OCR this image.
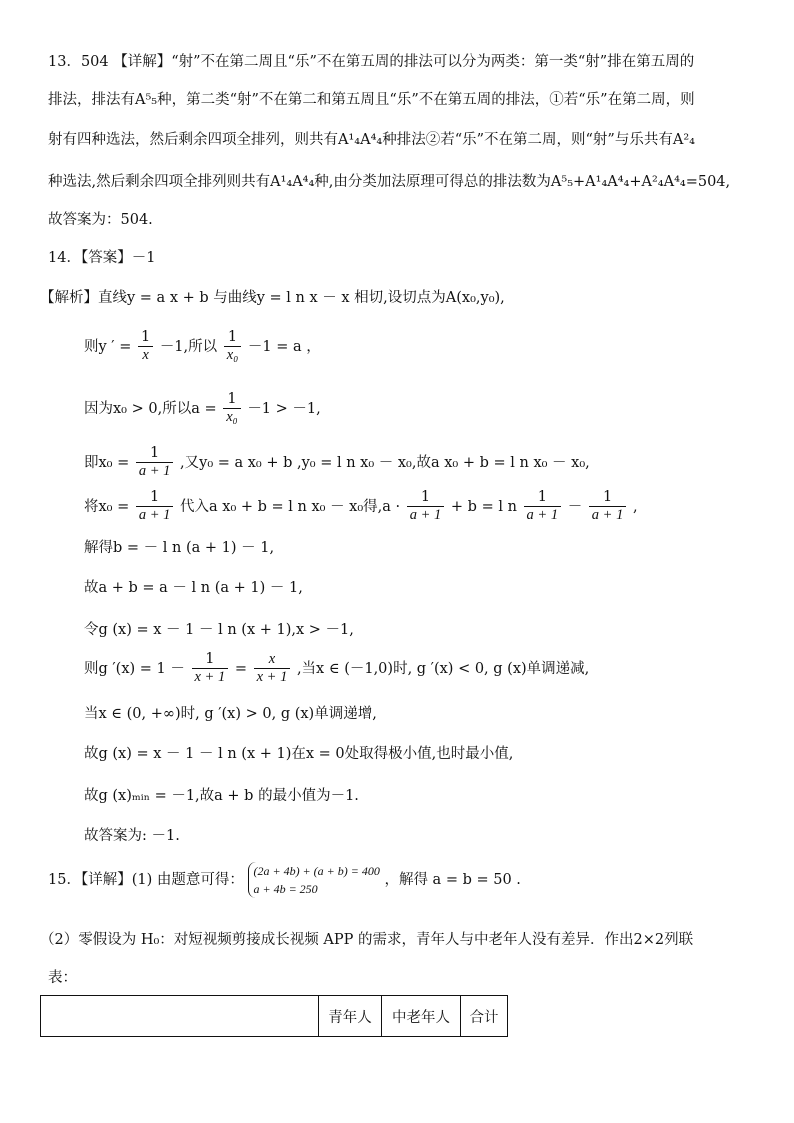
13．504 【详解】“射”不在第二周且“乐”不在第五周的排法可以分为两类：第一类“射”排在第五周的
排法，排法有A⁵₅种，第二类“射”不在第二和第五周且“乐”不在第五周的排法，①若“乐”在第二周，则
射有四种选法，然后剩余四项全排列，则共有A¹₄A⁴₄种排法②若“乐”不在第二周，则“射”与乐共有A²₄
种选法,然后剩余四项全排列则共有A¹₄A⁴₄种,由分类加法原理可得总的排法数为A⁵₅+A¹₄A⁴₄+A²₄A⁴₄=504,
故答案为：504.
14．【答案】－1
【解析】直线y = a x + b 与曲线y = l n x － x 相切,设切点为A(x₀,y₀),
则y ′ = $\frac{1}{x} -1$,所以 $\frac{1}{\text{x₀}} -1 = a$ ，
因为x₀ > 0,所以$a = \frac{1}{\text{x₀}} -1 > -1$,
即$x_0 = \frac{1}{a + 1}$ ,又y₀ = a x₀ + b ,y₀ = l n x₀ － x₀,故a x₀ + b = l n x₀ － x₀,
将$x_0 = \frac{1}{a + 1}$ 代入a x₀ + b = l n x₀ － x₀得$,a \cdot \frac{1}{a + 1} + b = l$ n $\frac{1}{a + 1} - \frac{1}{a + 1}$ ,
解得b = － l n (a + 1) － 1,
故a + b = a － l n (a + 1) － 1,
令g (x) = x － 1 － l n (x + 1),x > －1,
则g $'(x) = 1 - \frac{1}{x + 1} = \frac{x}{x + 1}$ ,当x ∈ (－1,0)时, g ′(x) < 0, g (x)单调递减,
当x ∈ (0, +∞)时, g ′(x) > 0, g (x)单调递增,
故g (x) = x － 1 － l n (x + 1)在x = 0处取得极小值,也时最小值,
故g (x)ₘᵢₙ = －1,故a + b 的最小值为－1.
故答案为: －1.
15．【详解】(1) 由题意可得：
(2a + 4b) + (a + b) = 400
a + 4b = 250
，解得 a = b = 50 .
（2）零假设为 H₀：对短视频剪接成长视频 APP 的需求，青年人与中老年人没有差异．作出2×2列联
表：
	青年人	中老年人	合计
